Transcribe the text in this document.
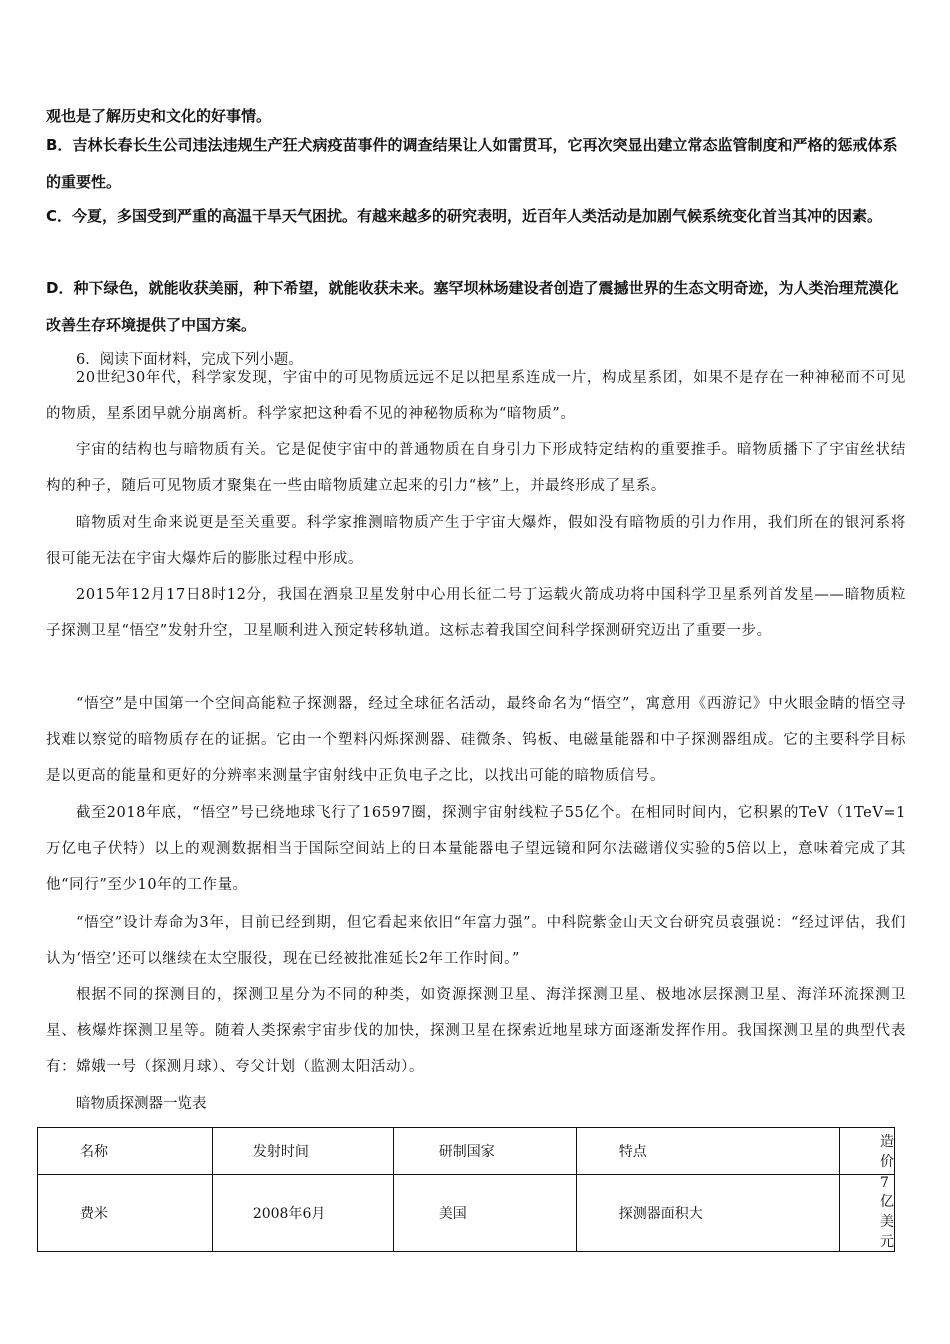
观也是了解历史和文化的好事情。
B．吉林长春长生公司违法违规生产狂犬病疫苗事件的调查结果让人如雷贯耳，它再次突显出建立常态监管制度和严格的惩戒体系的重要性。
C．今夏，多国受到严重的高温干旱天气困扰。有越来越多的研究表明，近百年人类活动是加剧气候系统变化首当其冲的因素。
D．种下绿色，就能收获美丽，种下希望，就能收获未来。塞罕坝林场建设者创造了震撼世界的生态文明奇迹，为人类治理荒漠化改善生存环境提供了中国方案。
6．阅读下面材料，完成下列小题。

20世纪30年代，科学家发现，宇宙中的可见物质远远不足以把星系连成一片，构成星系团，如果不是存在一种神秘而不可见的物质，星系团早就分崩离析。科学家把这种看不见的神秘物质称为“暗物质”。

宇宙的结构也与暗物质有关。它是促使宇宙中的普通物质在自身引力下形成特定结构的重要推手。暗物质播下了宇宙丝状结构的种子，随后可见物质才聚集在一些由暗物质建立起来的引力“核”上，并最终形成了星系。

暗物质对生命来说更是至关重要。科学家推测暗物质产生于宇宙大爆炸，假如没有暗物质的引力作用，我们所在的银河系将很可能无法在宇宙大爆炸后的膨胀过程中形成。

2015年12月17日8时12分，我国在酒泉卫星发射中心用长征二号丁运载火箭成功将中国科学卫星系列首发星——暗物质粒子探测卫星“悟空”发射升空，卫星顺利进入预定转移轨道。这标志着我国空间科学探测研究迈出了重要一步。

“悟空”是中国第一个空间高能粒子探测器，经过全球征名活动，最终命名为“悟空”，寓意用《西游记》中火眼金睛的悟空寻找难以察觉的暗物质存在的证据。它由一个塑料闪烁探测器、硅微条、钨板、电磁量能器和中子探测器组成。它的主要科学目标是以更高的能量和更好的分辨率来测量宇宙射线中正负电子之比，以找出可能的暗物质信号。

截至2018年底，“悟空”号已绕地球飞行了16597圈，探测宇宙射线粒子55亿个。在相同时间内，它积累的TeV（1TeV=1万亿电子伏特）以上的观测数据相当于国际空间站上的日本量能器电子望远镜和阿尔法磁谱仪实验的5倍以上，意味着完成了其他“同行”至少10年的工作量。

“悟空”设计寿命为3年，目前已经到期，但它看起来依旧“年富力强”。中科院紫金山天文台研究员袁强说：“经过评估，我们认为‘悟空’还可以继续在太空服役，现在已经被批准延长2年工作时间。”

根据不同的探测目的，探测卫星分为不同的种类，如资源探测卫星、海洋探测卫星、极地冰层探测卫星、海洋环流探测卫星、核爆炸探测卫星等。随着人类探索宇宙步伐的加快，探测卫星在探索近地星球方面逐渐发挥作用。我国探测卫星的典型代表有：嫦娥一号（探测月球）、夸父计划（监测太阳活动）。

暗物质探测器一览表
名称	发射时间	研制国家	特点	造价
费米	2008年6月	美国	探测器面积大	7亿美元
